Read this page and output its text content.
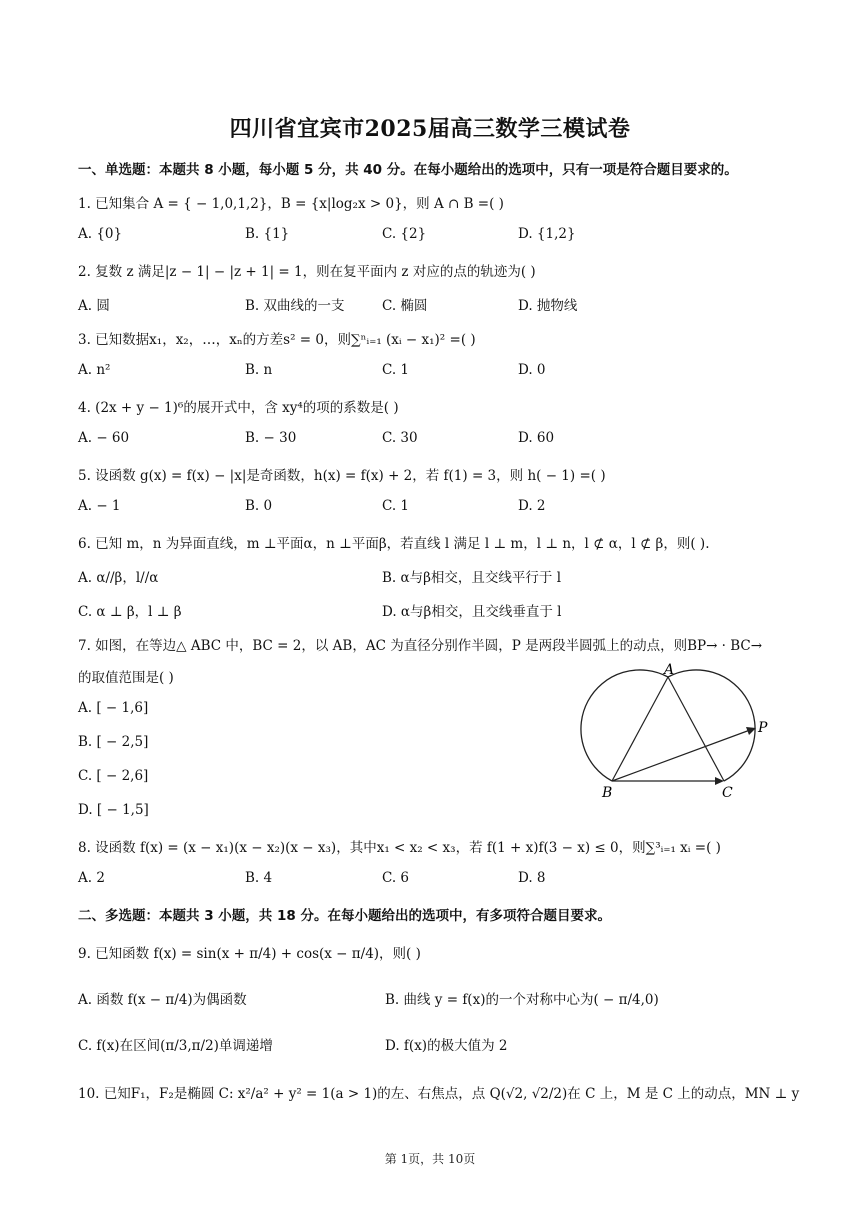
四川省宜宾市2025届高三数学三模试卷
一、单选题：本题共 8 小题，每小题 5 分，共 40 分。在每小题给出的选项中，只有一项是符合题目要求的。
1. 已知集合 A = { − 1,0,1,2}，B = {x|log₂x > 0}，则 A ∩ B =( )
A. {0}	B. {1}	C. {2}	D. {1,2}
2. 复数 z 满足|z − 1| − |z + 1| = 1，则在复平面内 z 对应的点的轨迹为( )
A. 圆	B. 双曲线的一支	C. 椭圆	D. 抛物线
3. 已知数据x₁，x₂，…，xₙ的方差s² = 0，则∑ⁿᵢ₌₁ (xᵢ − x₁)² =( )
A. n²	B. n	C. 1	D. 0
4. (2x + y − 1)⁶的展开式中，含 xy⁴的项的系数是( )
A. − 60	B. − 30	C. 30	D. 60
5. 设函数 g(x) = f(x) − |x|是奇函数，h(x) = f(x) + 2，若 f(1) = 3，则 h( − 1) =( )
A. − 1	B. 0	C. 1	D. 2
6. 已知 m，n 为异面直线，m ⊥平面α，n ⊥平面β，若直线 l 满足 l ⊥ m，l ⊥ n，l ⊄ α，l ⊄ β，则( ).
A. α//β，l//α	B. α与β相交，且交线平行于 l
C. α ⊥ β，l ⊥ β	D. α与β相交，且交线垂直于 l
7. 如图，在等边△ ABC 中，BC = 2，以 AB，AC 为直径分别作半圆，P 是两段半圆弧上的动点，则BP→ · BC→
的取值范围是( )
A. [ − 1,6]
B. [ − 2,5]
C. [ − 2,6]
D. [ − 1,5]
A
B	C
P
8. 设函数 f(x) = (x − x₁)(x − x₂)(x − x₃)，其中x₁ < x₂ < x₃，若 f(1 + x)f(3 − x) ≤ 0，则∑³ᵢ₌₁ xᵢ =( )
A. 2	B. 4	C. 6	D. 8
二、多选题：本题共 3 小题，共 18 分。在每小题给出的选项中，有多项符合题目要求。
9. 已知函数 f(x) = sin(x + π/4) + cos(x − π/4)，则( )
A. 函数 f(x − π/4)为偶函数	B. 曲线 y = f(x)的一个对称中心为( − π/4,0)
C. f(x)在区间(π/3,π/2)单调递增	D. f(x)的极大值为 2
10. 已知F₁，F₂是椭圆 C: x²/a² + y² = 1(a > 1)的左、右焦点，点 Q(√2, √2/2)在 C 上，M 是 C 上的动点，MN ⊥ y
第 1页，共 10页
